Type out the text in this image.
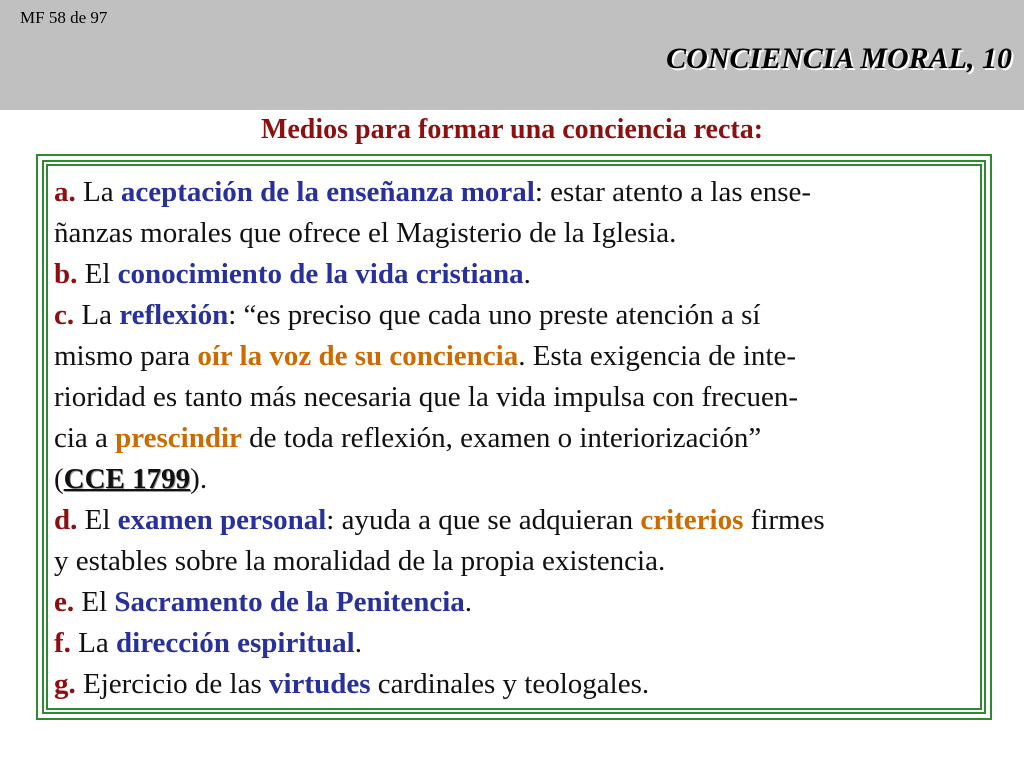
MF 58 de 97
CONCIENCIA MORAL, 10
Medios para formar una conciencia recta:
a. La aceptación de la enseñanza moral: estar atento a las ense-
ñanzas morales que ofrece el Magisterio de la Iglesia.
b. El conocimiento de la vida cristiana.
c. La reflexión: “es preciso que cada uno preste atención a sí
mismo para oír la voz de su conciencia. Esta exigencia de inte-
rioridad es tanto más necesaria que la vida impulsa con frecuen-
cia a prescindir de toda reflexión, examen o interiorización”
(CCE 1799).
d. El examen personal: ayuda a que se adquieran criterios firmes
y estables sobre la moralidad de la propia existencia.
e. El Sacramento de la Penitencia.
f. La dirección espiritual.
g. Ejercicio de las virtudes cardinales y teologales.
